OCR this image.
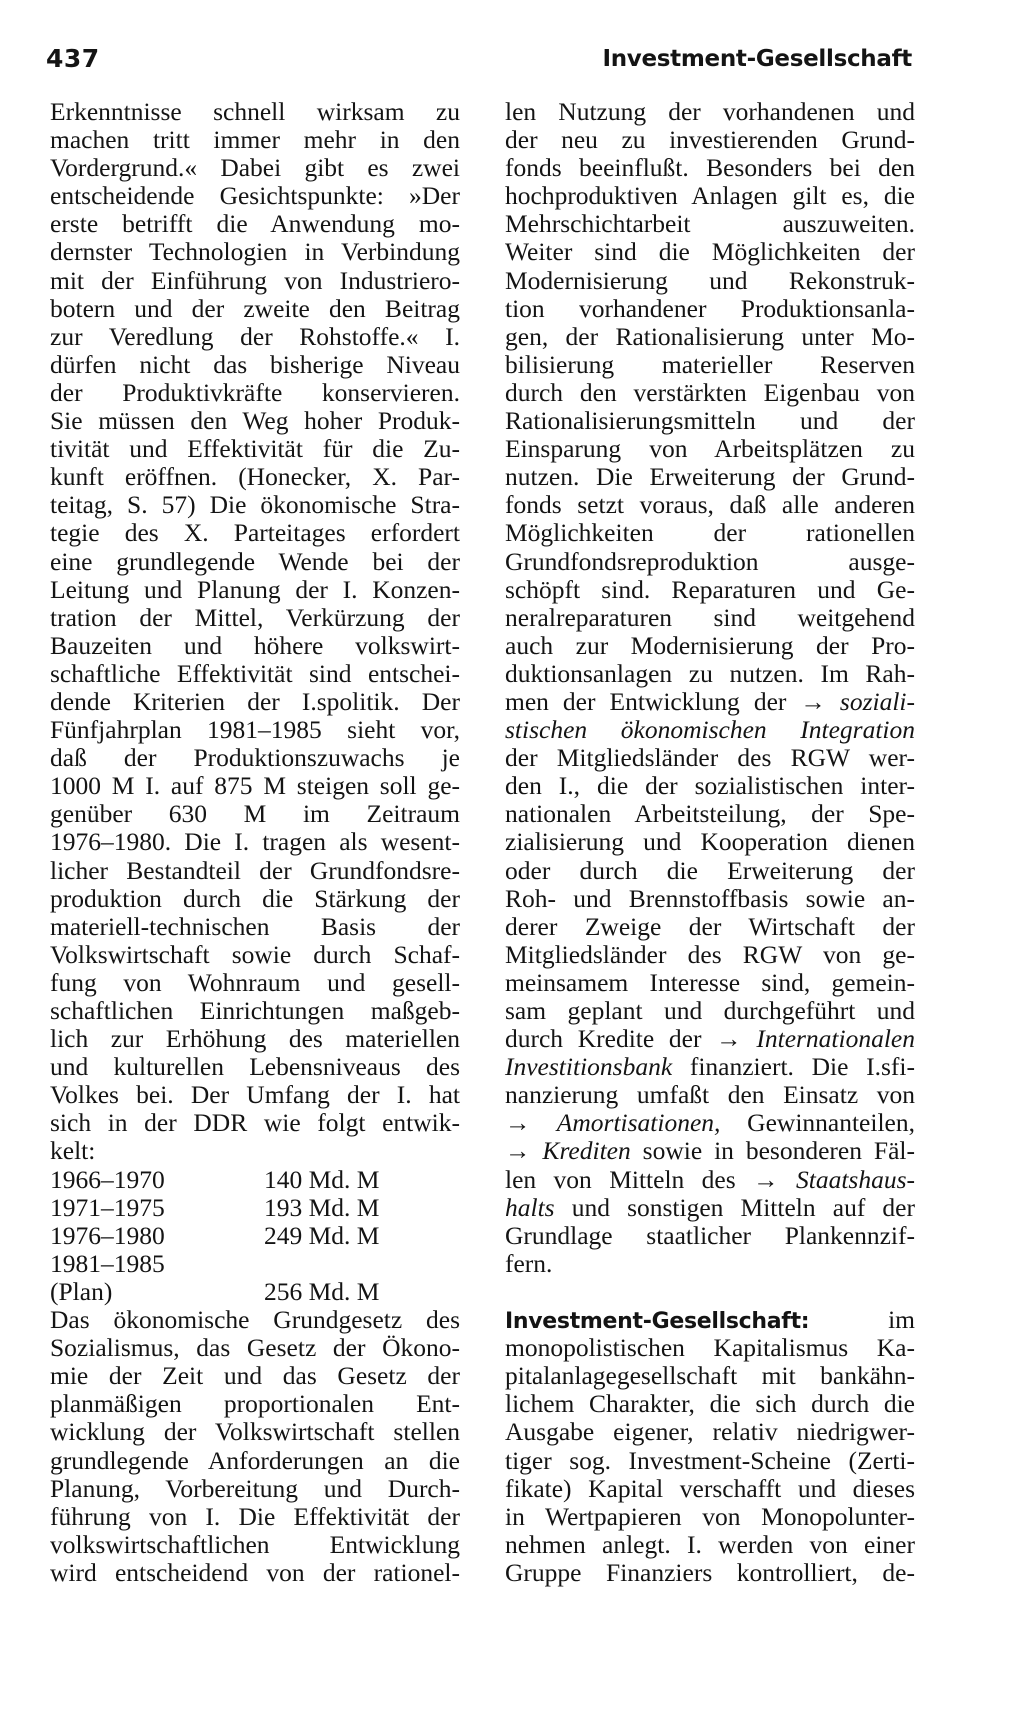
437	Investment-Gesellschaft
Erkenntnisse schnell wirksam zu
machen tritt immer mehr in den
Vordergrund.« Dabei gibt es zwei
entscheidende Gesichtspunkte: »Der
erste betrifft die Anwendung mo-
dernster Technologien in Verbindung
mit der Einführung von Industriero-
botern und der zweite den Beitrag
zur Veredlung der Rohstoffe.« I.
dürfen nicht das bisherige Niveau
der Produktivkräfte konservieren.
Sie müssen den Weg hoher Produk-
tivität und Effektivität für die Zu-
kunft eröffnen. (Honecker, X. Par-
teitag, S. 57) Die ökonomische Stra-
tegie des X. Parteitages erfordert
eine grundlegende Wende bei der
Leitung und Planung der I. Konzen-
tration der Mittel, Verkürzung der
Bauzeiten und höhere volkswirt-
schaftliche Effektivität sind entschei-
dende Kriterien der I.spolitik. Der
Fünfjahrplan 1981–1985 sieht vor,
daß der Produktionszuwachs je
1000 M I. auf 875 M steigen soll ge-
genüber 630 M im Zeitraum
1976–1980. Die I. tragen als wesent-
licher Bestandteil der Grundfondsre-
produktion durch die Stärkung der
materiell-technischen Basis der
Volkswirtschaft sowie durch Schaf-
fung von Wohnraum und gesell-
schaftlichen Einrichtungen maßgeb-
lich zur Erhöhung des materiellen
und kulturellen Lebensniveaus des
Volkes bei. Der Umfang der I. hat
sich in der DDR wie folgt entwik-
kelt:
1966–1970	140 Md. M
1971–1975	193 Md. M
1976–1980	249 Md. M
1981–1985
(Plan)	256 Md. M
Das ökonomische Grundgesetz des
Sozialismus, das Gesetz der Ökono-
mie der Zeit und das Gesetz der
planmäßigen proportionalen Ent-
wicklung der Volkswirtschaft stellen
grundlegende Anforderungen an die
Planung, Vorbereitung und Durch-
führung von I. Die Effektivität der
volkswirtschaftlichen Entwicklung
wird entscheidend von der rationel-
len Nutzung der vorhandenen und
der neu zu investierenden Grund-
fonds beeinflußt. Besonders bei den
hochproduktiven Anlagen gilt es, die
Mehrschichtarbeit auszuweiten.
Weiter sind die Möglichkeiten der
Modernisierung und Rekonstruk-
tion vorhandener Produktionsanla-
gen, der Rationalisierung unter Mo-
bilisierung materieller Reserven
durch den verstärkten Eigenbau von
Rationalisierungsmitteln und der
Einsparung von Arbeitsplätzen zu
nutzen. Die Erweiterung der Grund-
fonds setzt voraus, daß alle anderen
Möglichkeiten der rationellen
Grundfondsreproduktion ausge-
schöpft sind. Reparaturen und Ge-
neralreparaturen sind weitgehend
auch zur Modernisierung der Pro-
duktionsanlagen zu nutzen. Im Rah-
men der Entwicklung der → soziali-
stischen ökonomischen Integration
der Mitgliedsländer des RGW wer-
den I., die der sozialistischen inter-
nationalen Arbeitsteilung, der Spe-
zialisierung und Kooperation dienen
oder durch die Erweiterung der
Roh- und Brennstoffbasis sowie an-
derer Zweige der Wirtschaft der
Mitgliedsländer des RGW von ge-
meinsamem Interesse sind, gemein-
sam geplant und durchgeführt und
durch Kredite der → Internationalen
Investitionsbank finanziert. Die I.sfi-
nanzierung umfaßt den Einsatz von
→ Amortisationen, Gewinnanteilen,
→ Krediten sowie in besonderen Fäl-
len von Mitteln des → Staatshaus-
halts und sonstigen Mitteln auf der
Grundlage staatlicher Plankennzif-
fern.
Investment-Gesellschaft: im
monopolistischen Kapitalismus Ka-
pitalanlagegesellschaft mit bankähn-
lichem Charakter, die sich durch die
Ausgabe eigener, relativ niedrigwer-
tiger sog. Investment-Scheine (Zerti-
fikate) Kapital verschafft und dieses
in Wertpapieren von Monopolunter-
nehmen anlegt. I. werden von einer
Gruppe Finanziers kontrolliert, de-
